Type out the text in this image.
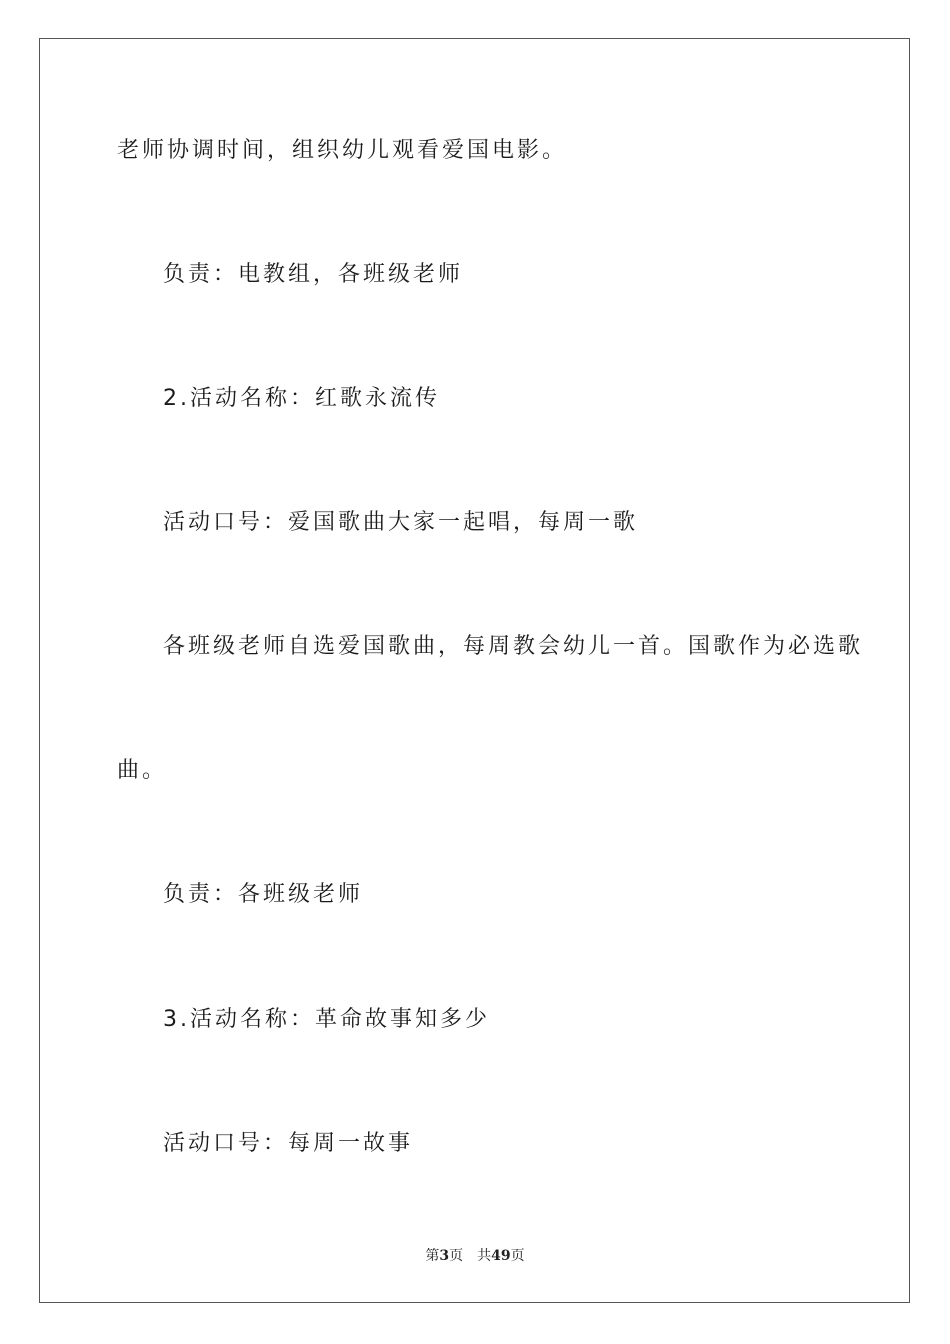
老师协调时间，组织幼儿观看爱国电影。
负责：电教组，各班级老师
2.活动名称：红歌永流传
活动口号：爱国歌曲大家一起唱，每周一歌
各班级老师自选爱国歌曲，每周教会幼儿一首。国歌作为必选歌
曲。
负责：各班级老师
3.活动名称：革命故事知多少
活动口号：每周一故事
第3页 共49页
